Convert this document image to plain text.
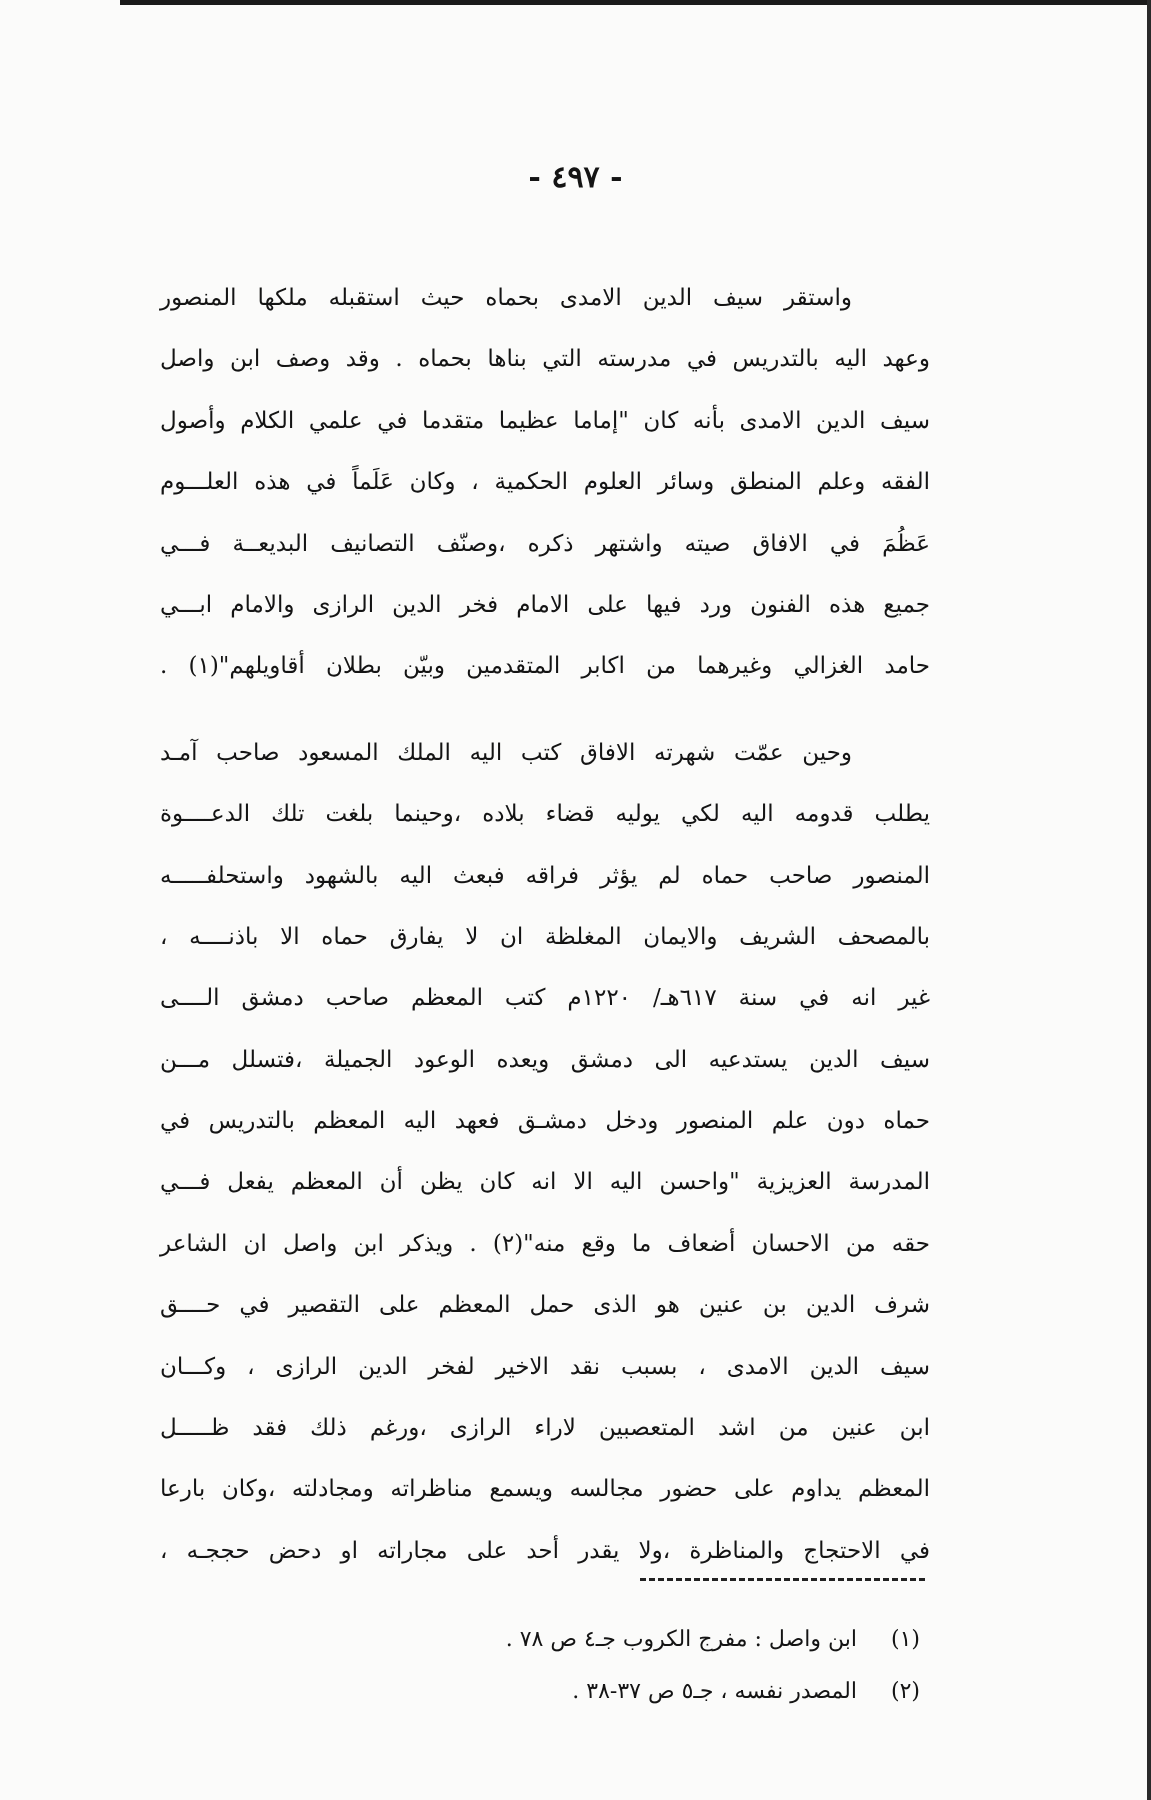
- ٤٩٧ -
واستقر سيف الدين الامدى بحماه حيث استقبله ملكها المنصور
وعهد اليه بالتدريس في مدرسته التي بناها بحماه . وقد وصف ابن واصل
سيف الدين الامدى بأنه كان "إماما عظيما متقدما في علمي الكلام وأصول
الفقه وعلم المنطق وسائر العلوم الحكمية ، وكان عَلَماً في هذه العلـــوم
عَظُمَ في الافاق صيته واشتهر ذكره ،وصنّف التصانيف البديعــة فـــي
جميع هذه الفنون ورد فيها على الامام فخر الدين الرازى والامام ابـــي
حامد الغزالي وغيرهما من اكابر المتقدمين وبيّن بطلان أقاويلهم"(١) .
وحين عمّت شهرته الافاق كتب اليه الملك المسعود صاحب آمـد
يطلب قدومه اليه لكي يوليه قضاء بلاده ،وحينما بلغت تلك الدعــــوة
المنصور صاحب حماه لم يؤثر فراقه فبعث اليه بالشهود واستحلفـــــه
بالمصحف الشريف والايمان المغلظة ان لا يفارق حماه الا باذنــــه ،
غير انه في سنة ٦١٧هـ/ ١٢٢٠م كتب المعظم صاحب دمشق الــــى
سيف الدين يستدعيه الى دمشق ويعده الوعود الجميلة ،فتسلل مـــن
حماه دون علم المنصور ودخل دمشـق فعهد اليه المعظم بالتدريس في
المدرسة العزيزية "واحسن اليه الا انه كان يظن أن المعظم يفعل فـــي
حقه من الاحسان أضعاف ما وقع منه"(٢) . ويذكر ابن واصل ان الشاعر
شرف الدين بن عنين هو الذى حمل المعظم على التقصير في حــــق
سيف الدين الامدى ، بسبب نقد الاخير لفخر الدين الرازى ، وكـــان
ابن عنين من اشد المتعصبين لاراء الرازى ،ورغم ذلك فقد ظـــــل
المعظم يداوم على حضور مجالسه ويسمع مناظراته ومجادلته ،وكان بارعا
في الاحتجاج والمناظرة ،ولا يقدر أحد على مجاراته او دحض حججـه ،
(١)ابن واصل : مفرج الكروب جـ٤ ص ٧٨ .
(٢)المصدر نفسه ، جـ٥ ص ٣٧-٣٨ .
